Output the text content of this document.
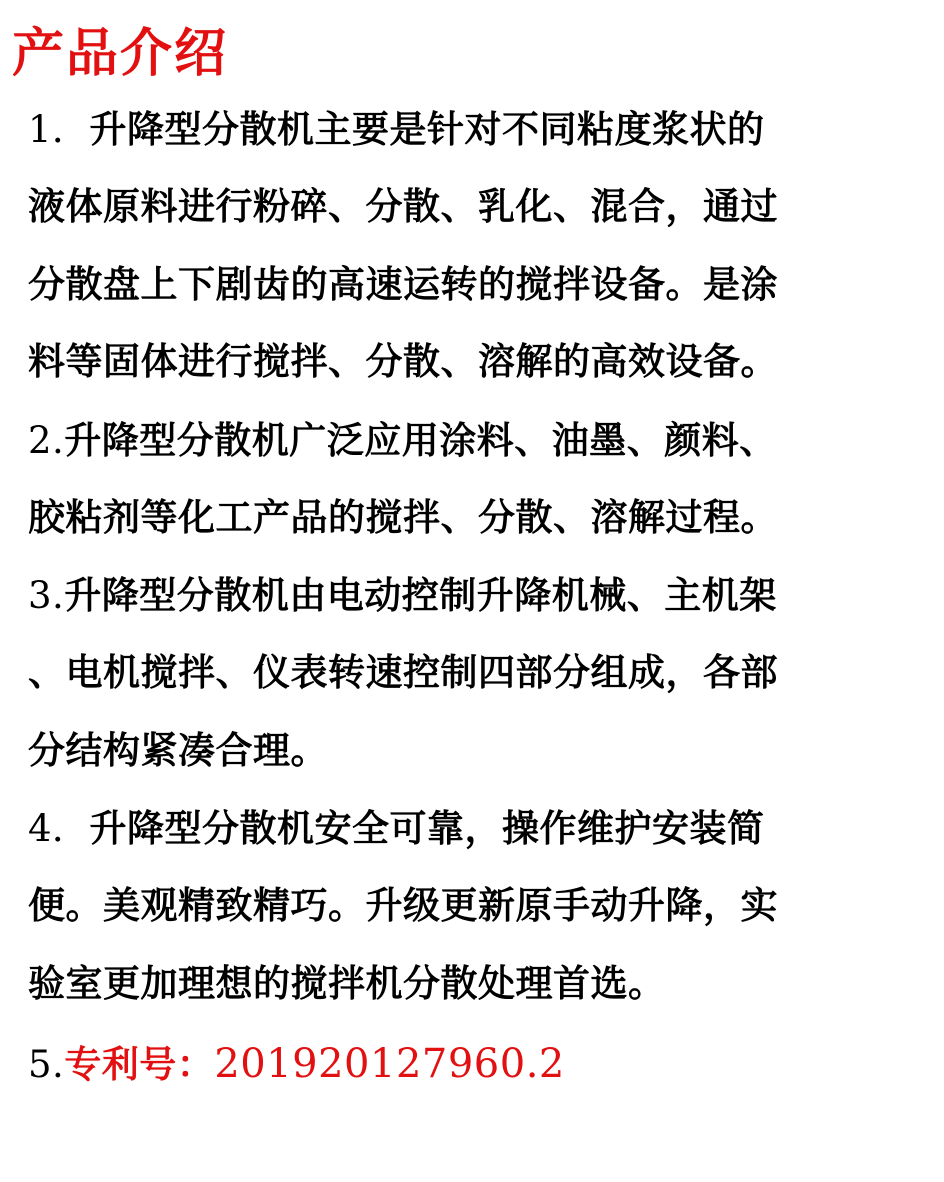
产品介绍
1．升降型分散机主要是针对不同粘度浆状的
液体原料进行粉碎、分散、乳化、混合，通过
分散盘上下剧齿的高速运转的搅拌设备。是涂
料等固体进行搅拌、分散、溶解的高效设备。
2.升降型分散机广泛应用涂料、油墨、颜料、
胶粘剂等化工产品的搅拌、分散、溶解过程。
3.升降型分散机由电动控制升降机械、主机架
、电机搅拌、仪表转速控制四部分组成，各部
分结构紧凑合理。
4．升降型分散机安全可靠，操作维护安装简
便。美观精致精巧。升级更新原手动升降，实
验室更加理想的搅拌机分散处理首选。
5.专利号：201920127960.2
